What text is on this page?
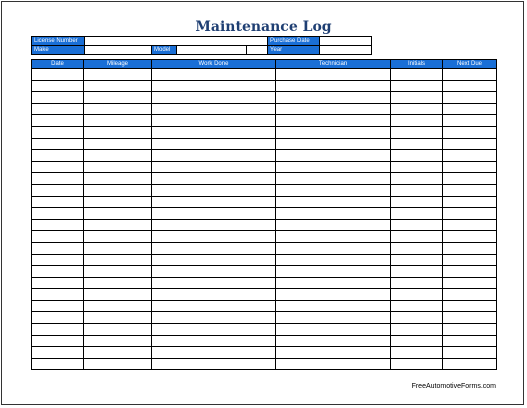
Maintenance Log
License Number					Purchase Date	
Make		Model			Year	
Date	Mileage	Work Done	Technician	Initials	Next Due

FreeAutomotiveForms.com
